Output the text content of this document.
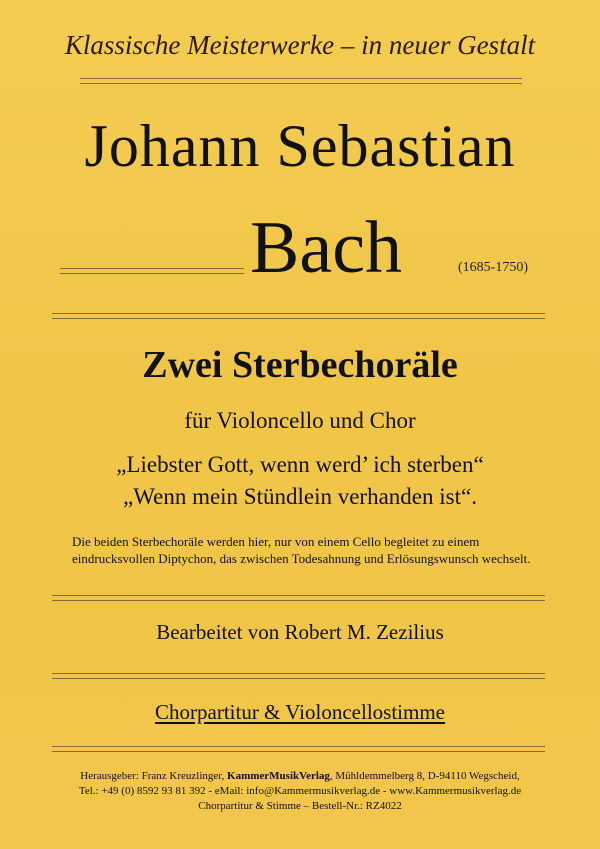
Klassische Meisterwerke – in neuer Gestalt
Johann Sebastian
Bach	(1685-1750)
Zwei Sterbechoräle
für Violoncello und Chor
„Liebster Gott, wenn werd’ ich sterben“
„Wenn mein Stündlein verhanden ist“.
Die beiden Sterbechoräle werden hier, nur von einem Cello begleitet zu einem eindrucksvollen Diptychon, das zwischen Todesahnung und Erlösungswunsch wechselt.
Bearbeitet von Robert M. Zezilius
Chorpartitur & Violoncellostimme
Herausgeber: Franz Kreuzlinger, KammerMusikVerlag, Mühldemmelberg 8, D-94110 Wegscheid,
Tel.: +49 (0) 8592 93 81 392 - eMail: info@Kammermusikverlag.de - www.Kammermusikverlag.de
Chorpartitur & Stimme – Bestell-Nr.: RZ4022
